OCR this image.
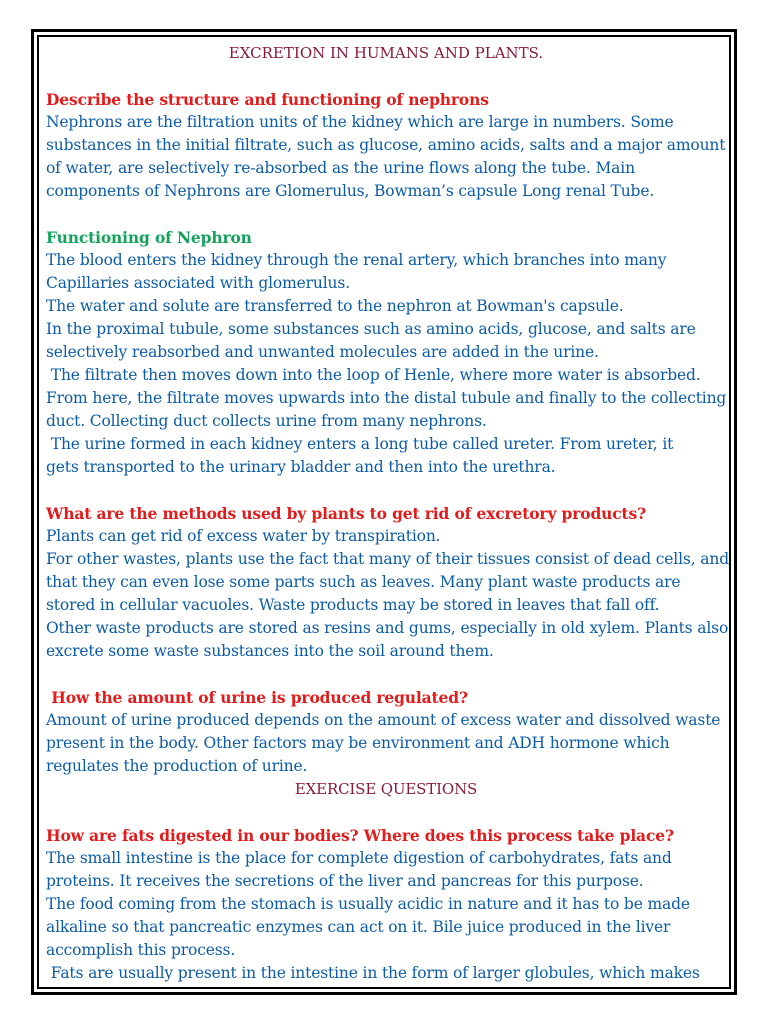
EXCRETION IN HUMANS AND PLANTS.
Describe the structure and functioning of nephrons
Nephrons are the filtration units of the kidney which are large in numbers. Some
substances in the initial filtrate, such as glucose, amino acids, salts and a major amount
of water, are selectively re-absorbed as the urine flows along the tube. Main
components of Nephrons are Glomerulus, Bowman’s capsule Long renal Tube.
Functioning of Nephron
The blood enters the kidney through the renal artery, which branches into many
Capillaries associated with glomerulus.
The water and solute are transferred to the nephron at Bowman's capsule.
In the proximal tubule, some substances such as amino acids, glucose, and salts are
selectively reabsorbed and unwanted molecules are added in the urine.
The filtrate then moves down into the loop of Henle, where more water is absorbed.
From here, the filtrate moves upwards into the distal tubule and finally to the collecting
duct. Collecting duct collects urine from many nephrons.
The urine formed in each kidney enters a long tube called ureter. From ureter, it
gets transported to the urinary bladder and then into the urethra.
What are the methods used by plants to get rid of excretory products?
Plants can get rid of excess water by transpiration.
For other wastes, plants use the fact that many of their tissues consist of dead cells, and
that they can even lose some parts such as leaves. Many plant waste products are
stored in cellular vacuoles. Waste products may be stored in leaves that fall off.
Other waste products are stored as resins and gums, especially in old xylem. Plants also
excrete some waste substances into the soil around them.
How the amount of urine is produced regulated?
Amount of urine produced depends on the amount of excess water and dissolved waste
present in the body. Other factors may be environment and ADH hormone which
regulates the production of urine.
EXERCISE QUESTIONS
How are fats digested in our bodies? Where does this process take place?
The small intestine is the place for complete digestion of carbohydrates, fats and
proteins. It receives the secretions of the liver and pancreas for this purpose.
The food coming from the stomach is usually acidic in nature and it has to be made
alkaline so that pancreatic enzymes can act on it. Bile juice produced in the liver
accomplish this process.
Fats are usually present in the intestine in the form of larger globules, which makes
